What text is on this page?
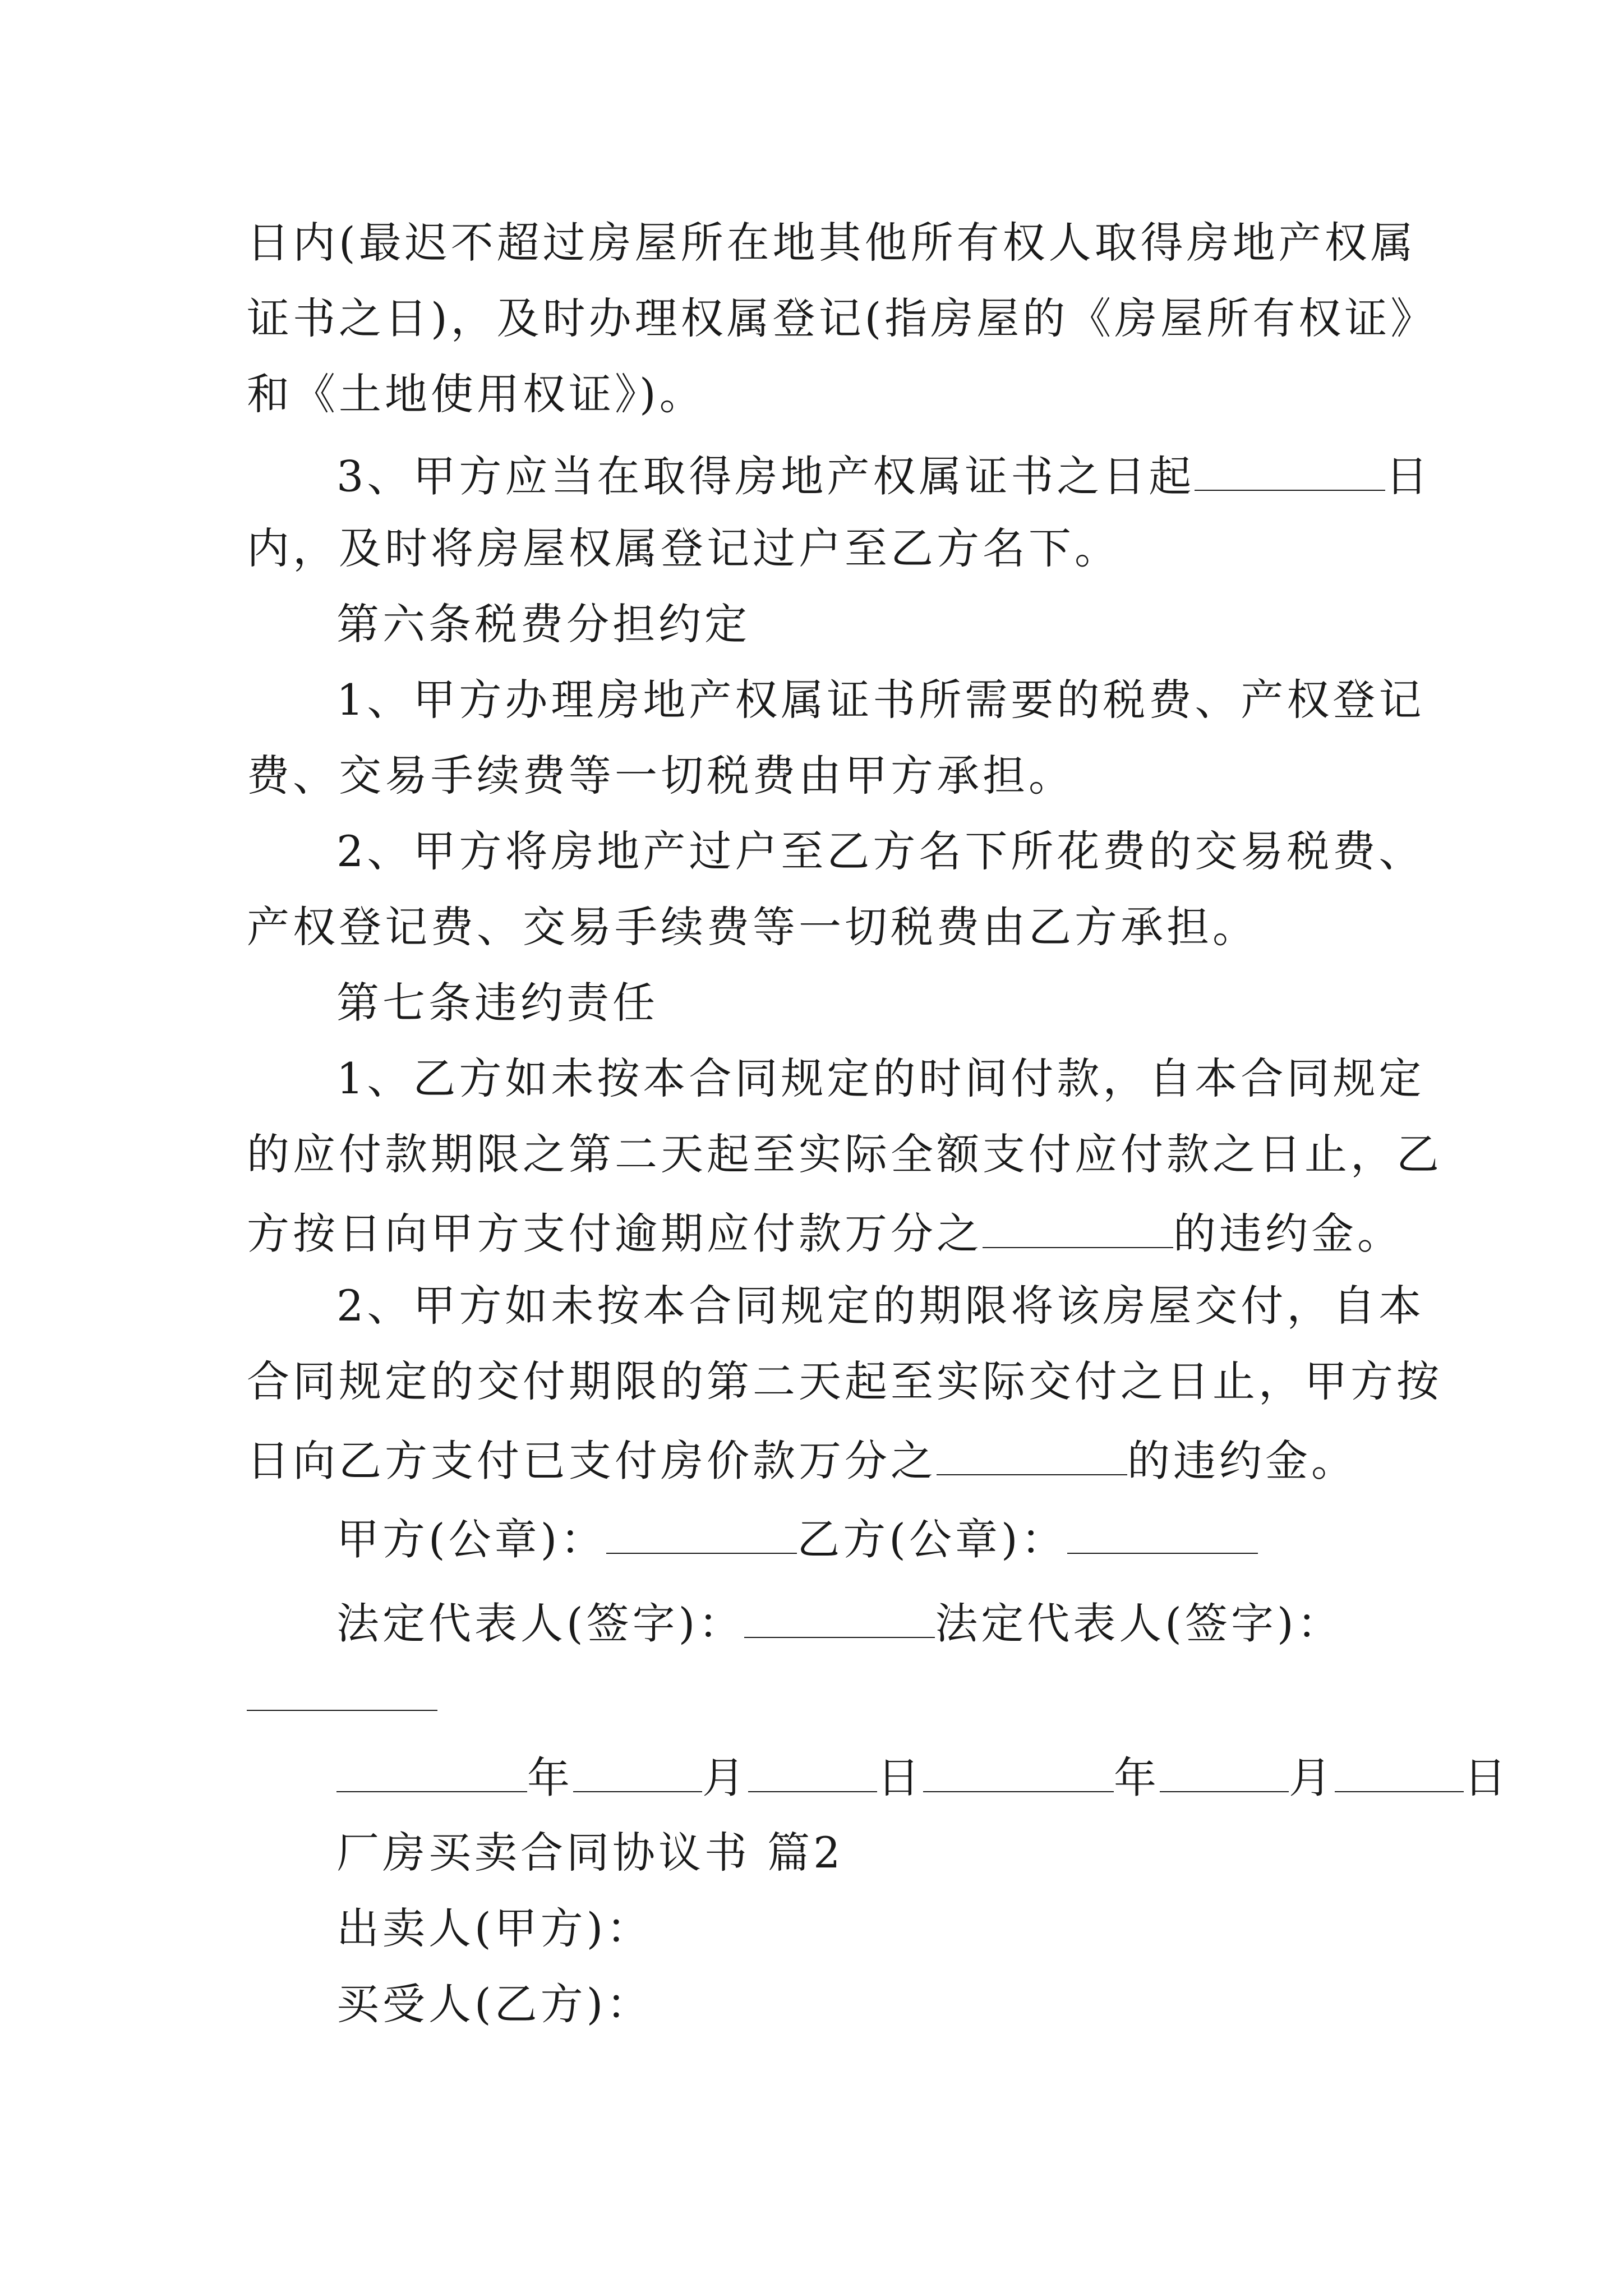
日内(最迟不超过房屋所在地其他所有权人取得房地产权属
证书之日)，及时办理权属登记(指房屋的《房屋所有权证》
和《土地使用权证》)。
3、甲方应当在取得房地产权属证书之日起	日
内，及时将房屋权属登记过户至乙方名下。
第六条税费分担约定
1、甲方办理房地产权属证书所需要的税费、产权登记
费、交易手续费等一切税费由甲方承担。
2、甲方将房地产过户至乙方名下所花费的交易税费、
产权登记费、交易手续费等一切税费由乙方承担。
第七条违约责任
1、乙方如未按本合同规定的时间付款，自本合同规定
的应付款期限之第二天起至实际全额支付应付款之日止，乙
方按日向甲方支付逾期应付款万分之	的违约金。
2、甲方如未按本合同规定的期限将该房屋交付，自本
合同规定的交付期限的第二天起至实际交付之日止，甲方按
日向乙方支付已支付房价款万分之	的违约金。
甲方(公章)：	乙方(公章)：
法定代表人(签字)：	法定代表人(签字)：
年	月	日	年	月	日
厂房买卖合同协议书 篇2
出卖人(甲方)：
买受人(乙方)：
